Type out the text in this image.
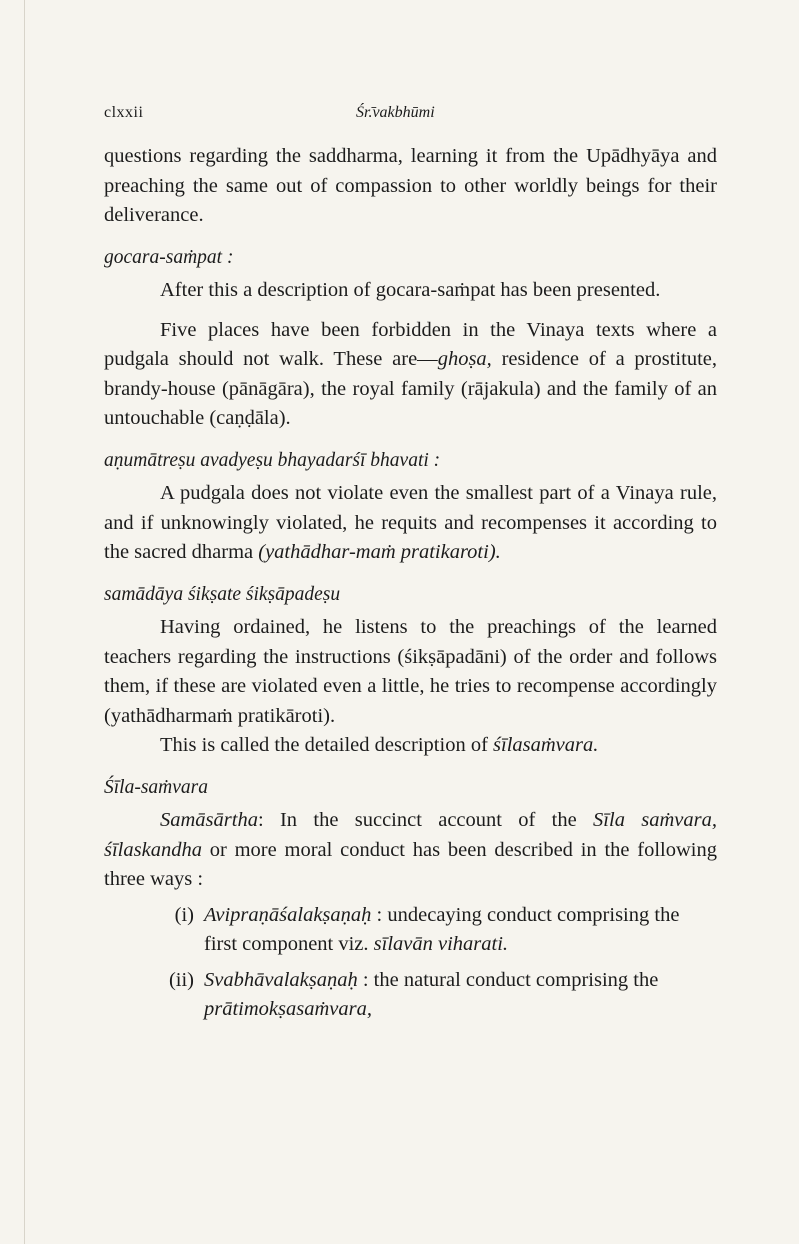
clxxii	Śr.̄vakbhūmi

questions regarding the saddharma, learning it from the Upādhyāya and preaching the same out of compassion to other worldly beings for their deliverance.

gocara-saṁpat :

After this a description of gocara-saṁpat has been presented.

Five places have been forbidden in the Vinaya texts where a pudgala should not walk. These are—ghoṣa, residence of a prostitute, brandy-house (pānāgāra), the royal family (rājakula) and the family of an untouchable (caṇḍāla).

aṇumātreṣu avadyeṣu bhayadarśī bhavati :

A pudgala does not violate even the smallest part of a Vinaya rule, and if unknowingly violated, he requits and recompenses it according to the sacred dharma (yathādhar-maṁ pratikaroti).

samādāya śikṣate śikṣāpadeṣu

Having ordained, he listens to the preachings of the learned teachers regarding the instructions (śikṣāpadāni) of the order and follows them, if these are violated even a little, he tries to recompense accordingly (yathādharmaṁ pratikāroti).

This is called the detailed description of śīlasaṁvara.

Śīla-saṁvara

Samāsārtha: In the succinct account of the Sīla saṁvara, śīlaskandha or more moral conduct has been described in the following three ways :

(i) Avipraṇāśalakṣaṇaḥ : undecaying conduct comprising the first component viz. sīlavān viharati.
(ii) Svabhāvalakṣaṇaḥ : the natural conduct comprising the prātimokṣasaṁvara,
